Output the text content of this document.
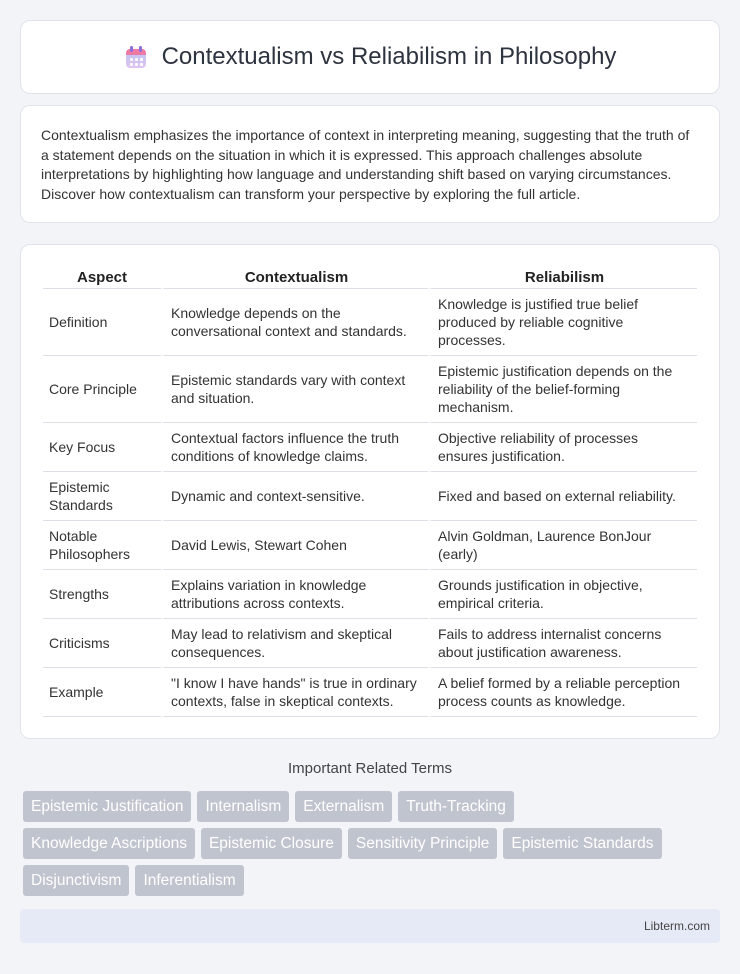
Contextualism vs Reliabilism in Philosophy

Contextualism emphasizes the importance of context in interpreting meaning, suggesting that the truth of a statement depends on the situation in which it is expressed. This approach challenges absolute interpretations by highlighting how language and understanding shift based on varying circumstances. Discover how contextualism can transform your perspective by exploring the full article.

Aspect	Contextualism	Reliabilism
Definition	Knowledge depends on the conversational context and standards.	Knowledge is justified true belief produced by reliable cognitive processes.
Core Principle	Epistemic standards vary with context and situation.	Epistemic justification depends on the reliability of the belief-forming mechanism.
Key Focus	Contextual factors influence the truth conditions of knowledge claims.	Objective reliability of processes ensures justification.
Epistemic Standards	Dynamic and context-sensitive.	Fixed and based on external reliability.
Notable Philosophers	David Lewis, Stewart Cohen	Alvin Goldman, Laurence BonJour (early)
Strengths	Explains variation in knowledge attributions across contexts.	Grounds justification in objective, empirical criteria.
Criticisms	May lead to relativism and skeptical consequences.	Fails to address internalist concerns about justification awareness.
Example	"I know I have hands" is true in ordinary contexts, false in skeptical contexts.	A belief formed by a reliable perception process counts as knowledge.
Important Related Terms
Epistemic Justification	Internalism	Externalism	Truth-Tracking
Knowledge Ascriptions	Epistemic Closure	Sensitivity Principle	Epistemic Standards
Disjunctivism	Inferentialism
Libterm.com
